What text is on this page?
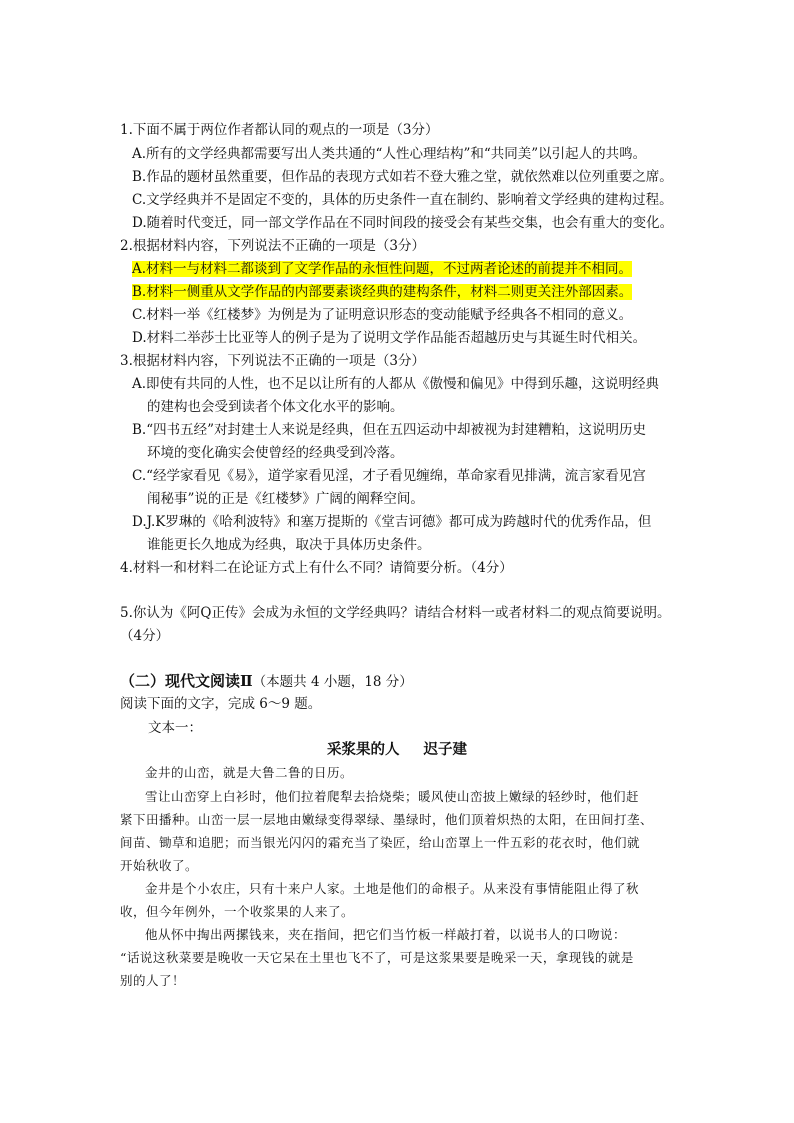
1.下面不属于两位作者都认同的观点的一项是（3分）
A.所有的文学经典都需要写出人类共通的“人性心理结构”和“共同美”以引起人的共鸣。
B.作品的题材虽然重要，但作品的表现方式如若不登大雅之堂，就依然难以位列重要之席。
C.文学经典并不是固定不变的，具体的历史条件一直在制约、影响着文学经典的建构过程。
D.随着时代变迁，同一部文学作品在不同时间段的接受会有某些交集，也会有重大的变化。
2.根据材料内容，下列说法不正确的一项是（3分）
A.材料一与材料二都谈到了文学作品的永恒性问题，不过两者论述的前提并不相同。
B.材料一侧重从文学作品的内部要素谈经典的建构条件，材料二则更关注外部因素。
C.材料一举《红楼梦》为例是为了证明意识形态的变动能赋予经典各不相同的意义。
D.材料二举莎士比亚等人的例子是为了说明文学作品能否超越历史与其诞生时代相关。
3.根据材料内容，下列说法不正确的一项是（3分）
A.即使有共同的人性，也不足以让所有的人都从《傲慢和偏见》中得到乐趣，这说明经典
的建构也会受到读者个体文化水平的影响。
B.“四书五经”对封建士人来说是经典，但在五四运动中却被视为封建糟粕，这说明历史
环境的变化确实会使曾经的经典受到冷落。
C.“经学家看见《易》，道学家看见淫，才子看见缠绵，革命家看见排满，流言家看见宫
闱秘事”说的正是《红楼梦》广阔的阐释空间。
D.J.K罗琳的《哈利波特》和塞万提斯的《堂吉诃德》都可成为跨越时代的优秀作品，但
谁能更长久地成为经典，取决于具体历史条件。
4.材料一和材料二在论证方式上有什么不同？请简要分析。（4分）
5.你认为《阿Q正传》会成为永恒的文学经典吗？请结合材料一或者材料二的观点简要说明。
（4分）
（二）现代文阅读Ⅱ（本题共 4 小题，18 分）
阅读下面的文字，完成 6～9 题。
文本一：
采浆果的人 迟子建
金井的山峦，就是大鲁二鲁的日历。
雪让山峦穿上白衫时，他们拉着爬犁去拾烧柴；暖风使山峦披上嫩绿的轻纱时，他们赶
紧下田播种。山峦一层一层地由嫩绿变得翠绿、墨绿时，他们顶着炽热的太阳，在田间打垄、
间苗、锄草和追肥；而当银光闪闪的霜充当了染匠，给山峦罩上一件五彩的花衣时，他们就
开始秋收了。
金井是个小农庄，只有十来户人家。土地是他们的命根子。从来没有事情能阻止得了秋
收，但今年例外，一个收浆果的人来了。
他从怀中掏出两摞钱来，夹在指间，把它们当竹板一样敲打着，以说书人的口吻说：
“话说这秋菜要是晚收一天它呆在土里也飞不了，可是这浆果要是晚采一天，拿现钱的就是
别的人了！
